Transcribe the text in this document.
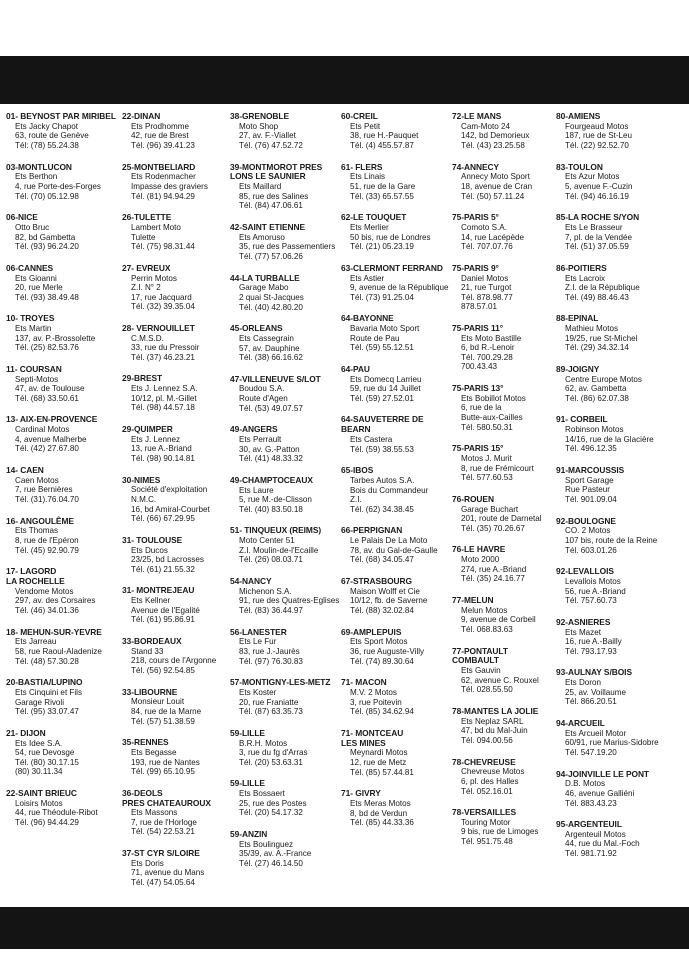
01- BEYNOST PAR MIRIBEL
Ets Jacky Chapot
63, route de Genève
Tél: (78) 55.24.38
03-MONTLUCON
Ets Berthon
4, rue Porte-des-Forges
Tél. (70) 05.12.98
06-NICE
Otto Bruc
82, bd Gambetta
Tél. (93) 96.24.20
06-CANNES
Ets Gioanni
20, rue Merle
Tél. (93) 38.49.48
10- TROYES
Ets Martin
137, av. P.-Brossolette
Tél. (25) 82.53.76
11- COURSAN
Septi-Motos
47, av. de Toulouse
Tél. (68) 33.50.61
13- AIX-EN-PROVENCE
Cardinal Motos
4, avenue Malherbe
Tél. (42) 27.67.80
14- CAEN
Caen Motos
7, rue Bernières
Tél. (31).76.04.70
16- ANGOULÊME
Ets Thomas
8, rue de l'Epéron
Tél. (45) 92.90.79
17- LAGORD
LA ROCHELLE
Vendome Motos
297, av. des Corsaires
Tél. (46) 34.01.36
18- MEHUN-SUR-YEVRE
Ets Jarreau
58, rue Raoul-Aladenize
Tél. (48) 57.30.28
20-BASTIA/LUPINO
Ets Cinquini et Fils
Garage Rivoli
Tél. (95) 33.07.47
21- DIJON
Ets Idee S.A.
54, rue Devosge
Tél. (80) 30.17.15
(80) 30.11.34
22-SAINT BRIEUC
Loisirs Motos
44, rue Théodule-Ribot
Tél. (96) 94.44.29
22-DINAN
Ets Prodhomme
42, rue de Brest
Tél. (96) 39.41.23
25-MONTBELIARD
Ets Rodenmacher
Impasse des graviers
Tél. (81) 94.94.29
26-TULETTE
Lambert Moto
Tulette
Tél. (75) 98.31.44
27- EVREUX
Perrin Motos
Z.I. N° 2
17, rue Jacquard
Tél. (32) 39.35.04
28- VERNOUILLET
C.M.S.D.
33, rue du Pressoir
Tél. (37) 46.23.21
29-BREST
Ets J. Lennez S.A.
10/12, pl. M.-Gillet
Tél. (98) 44.57.18
29-QUIMPER
Ets J. Lennez
13, rue A.-Briand
Tél. (98) 90.14.81
30-NIMES
Société d'exploitation
N.M.C.
16, bd Amiral-Courbet
Tél. (66) 67.29.95
31- TOULOUSE
Ets Ducos
23/25, bd Lacrosses
Tél. (61) 21.55.32
31- MONTREJEAU
Ets Kellner
Avenue de l'Egalité
Tél. (61) 95.86.91
33-BORDEAUX
Stand 33
218, cours de l'Argonne
Tél. (56) 92.54.85
33-LIBOURNE
Monsieur Louit
84, rue de la Marne
Tél. (57) 51.38.59
35-RENNES
Ets Begasse
193, rue de Nantes
Tél. (99) 65.10.95
36-DEOLS
PRES CHATEAUROUX
Ets Massons
7, rue de l'Horloge
Tél. (54) 22.53.21
37-ST CYR S/LOIRE
Ets Doris
71, avenue du Mans
Tél. (47) 54.05.64
38-GRENOBLE
Moto Shop
27, av. F.-Viallet
Tél. (76) 47.52.72
39-MONTMOROT PRES
LONS LE SAUNIER
Ets Maillard
85, rue des Salines
Tél. (84) 47.06.61
42-SAINT ETIENNE
Ets Amoruso
35, rue des Passementiers
Tél. (77) 57.06.26
44-LA TURBALLE
Garage Mabo
2 quai St-Jacques
Tél. (40) 42.80.20
45-ORLEANS
Ets Cassegrain
57, av. Dauphine
Tél. (38) 66.16.62
47-VILLENEUVE S/LOT
Boudou S.A.
Route d'Agen
Tél. (53) 49.07.57
49-ANGERS
Ets Perrault
30, av. G.-Patton
Tél. (41) 48.33.32
49-CHAMPTOCEAUX
Ets Laure
5, rue M.-de-Clisson
Tél. (40) 83.50.18
51- TINQUEUX (REIMS)
Moto Center 51
Z.I. Moulin-de-l'Ecaille
Tél. (26) 08.03.71
54-NANCY
Michenon S.A.
91, rue des Quatres-Eglises
Tél. (83) 36.44.97
56-LANESTER
Ets Le Fur
83, rue J.-Jaurès
Tél. (97) 76.30.83
57-MONTIGNY-LES-METZ
Ets Koster
20, rue Franiatte
Tél. (87) 63.35.73
59-LILLE
B.R.H. Motos
3, rue du fg d'Arras
Tél. (20) 53.63.31
59-LILLE
Ets Bossaert
25, rue des Postes
Tél. (20) 54.17.32
59-ANZIN
Ets Boulinguez
35/39, av. A.-France
Tél. (27) 46.14.50
60-CREIL
Ets Petit
38, rue H.-Pauquet
Tél. (4) 455.57.87
61- FLERS
Ets Linais
51, rue de la Gare
Tél. (33) 65.57.55
62-LE TOUQUET
Ets Merlier
50 bis, rue de Londres
Tél. (21) 05.23.19
63-CLERMONT FERRAND
Ets Astier
9, avenue de la République
Tél. (73) 91.25.04
64-BAYONNE
Bavaria Moto Sport
Route de Pau
Tél. (59) 55.12.51
64-PAU
Ets Domecq Larrieu
59, rue du 14 Juillet
Tél. (59) 27.52.01
64-SAUVETERRE DE BEARN
Ets Castera
Tél. (59) 38.55.53
65-IBOS
Tarbes Autos S.A.
Bois du Commandeur
Z.I.
Tél. (62) 34.38.45
66-PERPIGNAN
Le Palais De La Moto
78, av. du Gal-de-Gaulle
Tél. (68) 34.05.47
67-STRASBOURG
Maison Wolff et Cie
10/12, fb. de Saverne
Tél. (88) 32.02.84
69-AMPLEPUIS
Ets Sport Motos
36, rue Auguste-Villy
Tél. (74) 89.30.64
71- MACON
M.V. 2 Motos
3, rue Poitevin
Tél. (85) 34.62.94
71- MONTCEAU
LES MINES
Meynardi Motos
12, rue de Metz
Tél. (85) 57.44.81
71- GIVRY
Ets Meras Motos
8, bd de Verdun
Tél. (85) 44.33.36
72-LE MANS
Cam-Moto 24
142, bd Demorieux
Tél. (43) 23.25.58
74-ANNECY
Annecy Moto Sport
18, avenue de Cran
Tél. (50) 57.11.24
75-PARIS 5°
Comoto S.A.
14, rue Lacépède
Tél. 707.07.76
75-PARIS 9°
Daniel Motos
21, rue Turgot
Tél. 878.98.77
878.57.01
75-PARIS 11°
Ets Moto Bastille
6, bd R.-Lenoir
Tél. 700.29.28
700.43.43
75-PARIS 13°
Ets Bobillot Motos
6, rue de la
Butte-aux-Cailles
Tél. 580.50.31
75-PARIS 15°
Motos J. Murit
8, rue de Frémicourt
Tél. 577.60.53
76-ROUEN
Garage Buchart
201, route de Darnetal
Tél. (35) 70.26.67
76-LE HAVRE
Moto 2000
274, rue A.-Briand
Tél. (35) 24.16.77
77-MELUN
Melun Motos
9, avenue de Corbeil
Tél. 068.83.63
77-PONTAULT COMBAULT
Ets Gauvin
62, avenue C. Rouxel
Tél. 028.55.50
78-MANTES LA JOLIE
Ets Neplaz SARL
47, bd du Mal-Juin
Tél. 094.00.56
78-CHEVREUSE
Chevreuse Motos
6, pl. des Halles
Tél. 052.16.01
78-VERSAILLES
Touring Motor
9 bis, rue de Limoges
Tél. 951.75.48
80-AMIENS
Fourgeaud Motos
187, rue de St-Leu
Tél. (22) 92.52.70
83-TOULON
Ets Azur Motos
5, avenue F.-Cuzin
Tél. (94) 46.16.19
85-LA ROCHE S/YON
Ets Le Brasseur
7, pl. de la Vendée
Tél. (51) 37.05.59
86-POITIERS
Ets Lacroix
Z.I. de la République
Tél. (49) 88.46.43
88-EPINAL
Mathieu Motos
19/25, rue St-Michel
Tél. (29) 34.32.14
89-JOIGNY
Centre Europe Motos
62, av. Gambetta
Tél. (86) 62.07.38
91- CORBEIL
Robinson Motos
14/16, rue de la Glacière
Tél. 496.12.35
91-MARCOUSSIS
Sport Garage
Rue Pasteur
Tél. 901.09.04
92-BOULOGNE
CO. 2 Motos
107 bis, route de la Reine
Tél. 603.01.26
92-LEVALLOIS
Levallois Motos
56, rue A.-Briand
Tél. 757.60.73
92-ASNIERES
Ets Mazet
16, rue A.-Bailly
Tél. 793.17.93
93-AULNAY S/BOIS
Ets Doron
25, av. Voillaume
Tél. 866.20.51
94-ARCUEIL
Ets Arcueil Motor
60/91, rue Marius-Sidobre
Tél. 547.19.20
94-JOINVILLE LE PONT
D.B. Motos
46, avenue Galliéni
Tél. 883.43.23
95-ARGENTEUIL
Argenteuil Motos
44, rue du Mal.-Foch
Tél. 981.71.92
